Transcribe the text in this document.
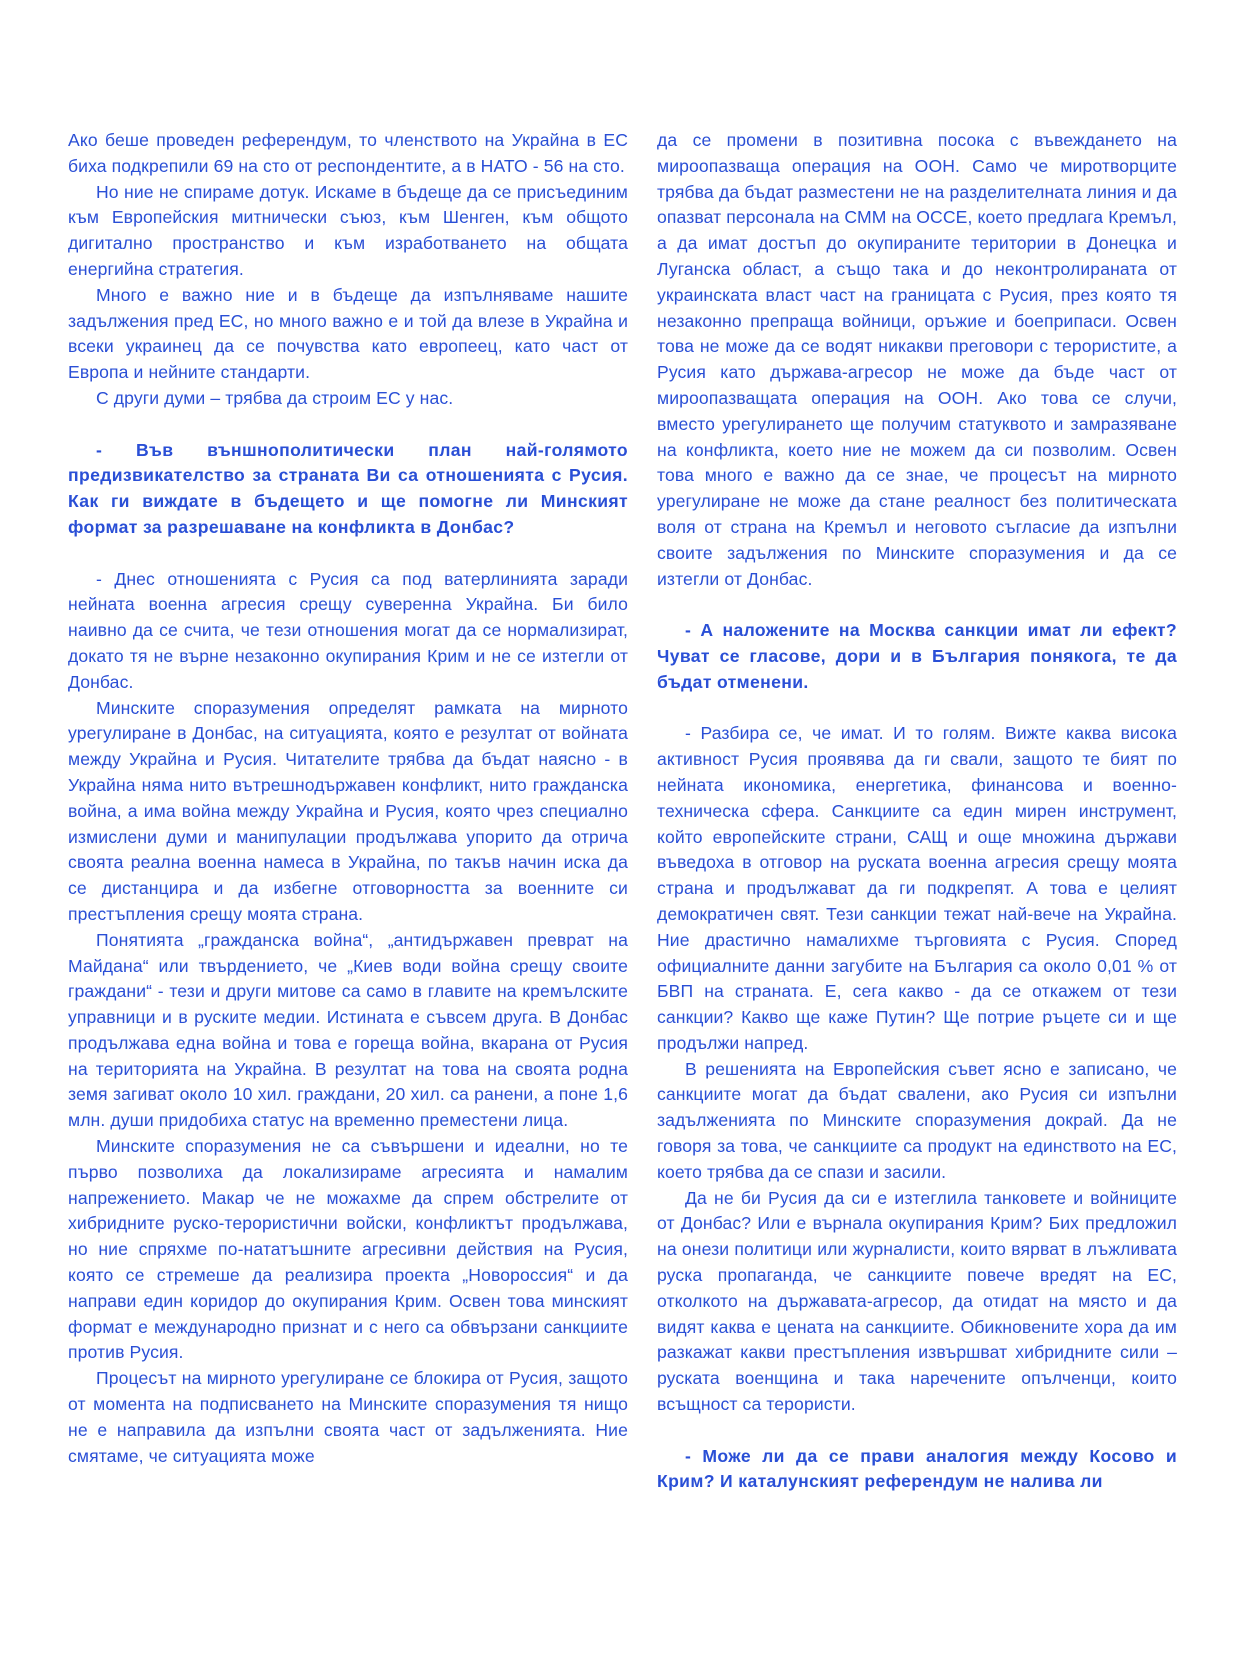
Ако беше проведен референдум, то членството на Украйна в ЕС биха подкрепили 69 на сто от респондентите, а в НАТО - 56 на сто.

Но ние не спираме дотук. Искаме в бъдеще да се присъединим към Европейския митнически съюз, към Шенген, към общото дигитално пространство и към изработването на общата енергийна стратегия.

Много е важно ние и в бъдеще да изпълняваме нашите задължения пред ЕС, но много важно е и той да влезе в Украйна и всеки украинец да се почувства като европеец, като част от Европа и нейните стандарти.

С други думи – трябва да строим ЕС у нас.

- Във външнополитически план най-голямото предизвикателство за страната Ви са отношенията с Русия. Как ги виждате в бъдещето и ще помогне ли Минският формат за разрешаване на конфликта в Донбас?

- Днес отношенията с Русия са под ватерлинията заради нейната военна агресия срещу суверенна Украйна. Би било наивно да се счита, че тези отношения могат да се нормализират, докато тя не върне незаконно окупирания Крим и не се изтегли от Донбас.

Минските споразумения определят рамката на мирното урегулиране в Донбас, на ситуацията, която е резултат от войната между Украйна и Русия. Читателите трябва да бъдат наясно - в Украйна няма нито вътрешнодържавен конфликт, нито гражданска война, а има война между Украйна и Русия, която чрез специално измислени думи и манипулации продължава упорито да отрича своята реална военна намеса в Украйна, по такъв начин иска да се дистанцира и да избегне отговорността за военните си престъпления срещу моята страна.

Понятията „гражданска война“, „антидържавен преврат на Майдана“ или твърдението, че „Киев води война срещу своите граждани“ - тези и други митове са само в главите на кремълските управници и в руските медии. Истината е съвсем друга. В Донбас продължава една война и това е гореща война, вкарана от Русия на територията на Украйна. В резултат на това на своята родна земя загиват около 10 хил. граждани, 20 хил. са ранени, а поне 1,6 млн. души придобиха статус на временно преместени лица.

Минските споразумения не са съвършени и идеални, но те първо позволиха да локализираме агресията и намалим напрежението. Макар че не можахме да спрем обстрелите от хибридните руско-терористични войски, конфликтът продължава, но ние спряхме по-нататъшните агресивни действия на Русия, която се стремеше да реализира проекта „Новороссия“ и да направи един коридор до окупирания Крим. Освен това минският формат е международно признат и с него са обвързани санкциите против Русия.

Процесът на мирното урегулиране се блокира от Русия, защото от момента на подписването на Минските споразумения тя нищо не е направила да изпълни своята част от задълженията. Ние смятаме, че ситуацията може

да се промени в позитивна посока с въвеждането на мироопазваща операция на ООН. Само че миротворците трябва да бъдат разместени не на разделителната линия и да опазват персонала на СММ на ОССЕ, което предлага Кремъл, а да имат достъп до окупираните територии в Донецка и Луганска област, а също така и до неконтролираната от украинската власт част на границата с Русия, през която тя незаконно препраща войници, оръжие и боеприпаси. Освен това не може да се водят никакви преговори с терористите, а Русия като държава-агресор не може да бъде част от мироопазващата операция на ООН. Ако това се случи, вместо урегулирането ще получим статуквото и замразяване на конфликта, което ние не можем да си позволим. Освен това много е важно да се знае, че процесът на мирното урегулиране не може да стане реалност без политическата воля от страна на Кремъл и неговото съгласие да изпълни своите задължения по Минските споразумения и да се изтегли от Донбас.

- А наложените на Москва санкции имат ли ефект? Чуват се гласове, дори и в България понякога, те да бъдат отменени.

- Разбира се, че имат. И то голям. Вижте каква висока активност Русия проявява да ги свали, защото те бият по нейната икономика, енергетика, финансова и военно-техническа сфера. Санкциите са един мирен инструмент, който европейските страни, САЩ и още множина държави въведоха в отговор на руската военна агресия срещу моята страна и продължават да ги подкрепят. А това е целият демократичен свят. Тези санкции тежат най-вече на Украйна. Ние драстично намалихме търговията с Русия. Според официалните данни загубите на България са около 0,01 % от БВП на страната. Е, сега какво - да се откажем от тези санкции? Какво ще каже Путин? Ще потрие ръцете си и ще продължи напред.

В решенията на Европейския съвет ясно е записано, че санкциите могат да бъдат свалени, ако Русия си изпълни задълженията по Минските споразумения докрай. Да не говоря за това, че санкциите са продукт на единството на ЕС, което трябва да се спази и засили.

Да не би Русия да си е изтеглила танковете и войниците от Донбас? Или е върнала окупирания Крим? Бих предложил на онези политици или журналисти, които вярват в лъжливата руска пропаганда, че санкциите повече вредят на ЕС, отколкото на държавата-агресор, да отидат на място и да видят каква е цената на санкциите. Обикновените хора да им разкажат какви престъпления извършват хибридните сили – руската военщина и така наречените опълченци, които всъщност са терористи.

- Може ли да се прави аналогия между Косово и Крим? И каталунският референдум не налива ли
